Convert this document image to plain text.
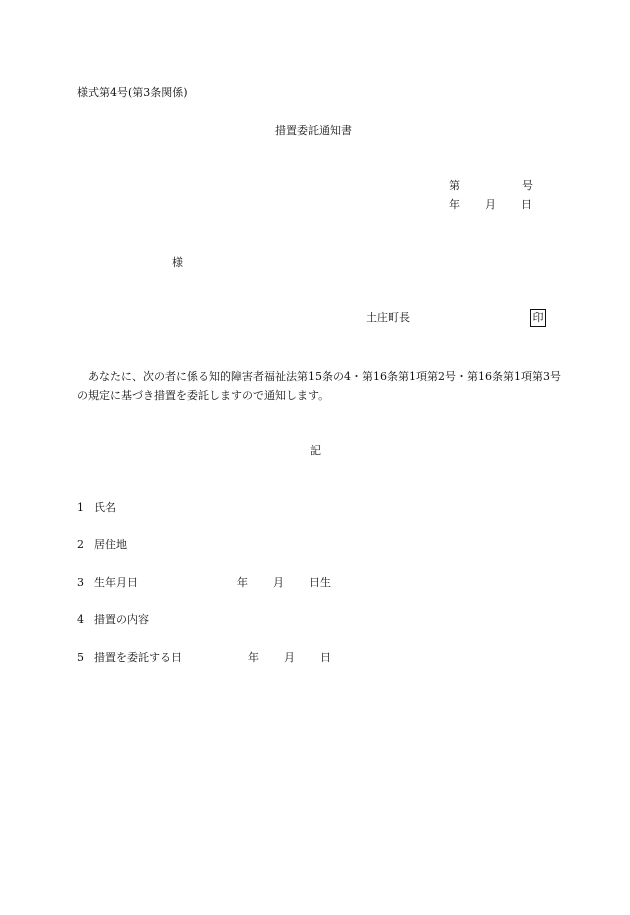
様式第4号(第3条関係)
措置委託通知書
第	号
年 月 日
様
土庄町長	印
あなたに、次の者に係る知的障害者福祉法第15条の4・第16条第1項第2号・第16条第1項第3号の規定に基づき措置を委託しますので通知します。
記
1 氏名
2 居住地
3 生年月日	年 月 日生
4 措置の内容
5 措置を委託する日	年 月 日
